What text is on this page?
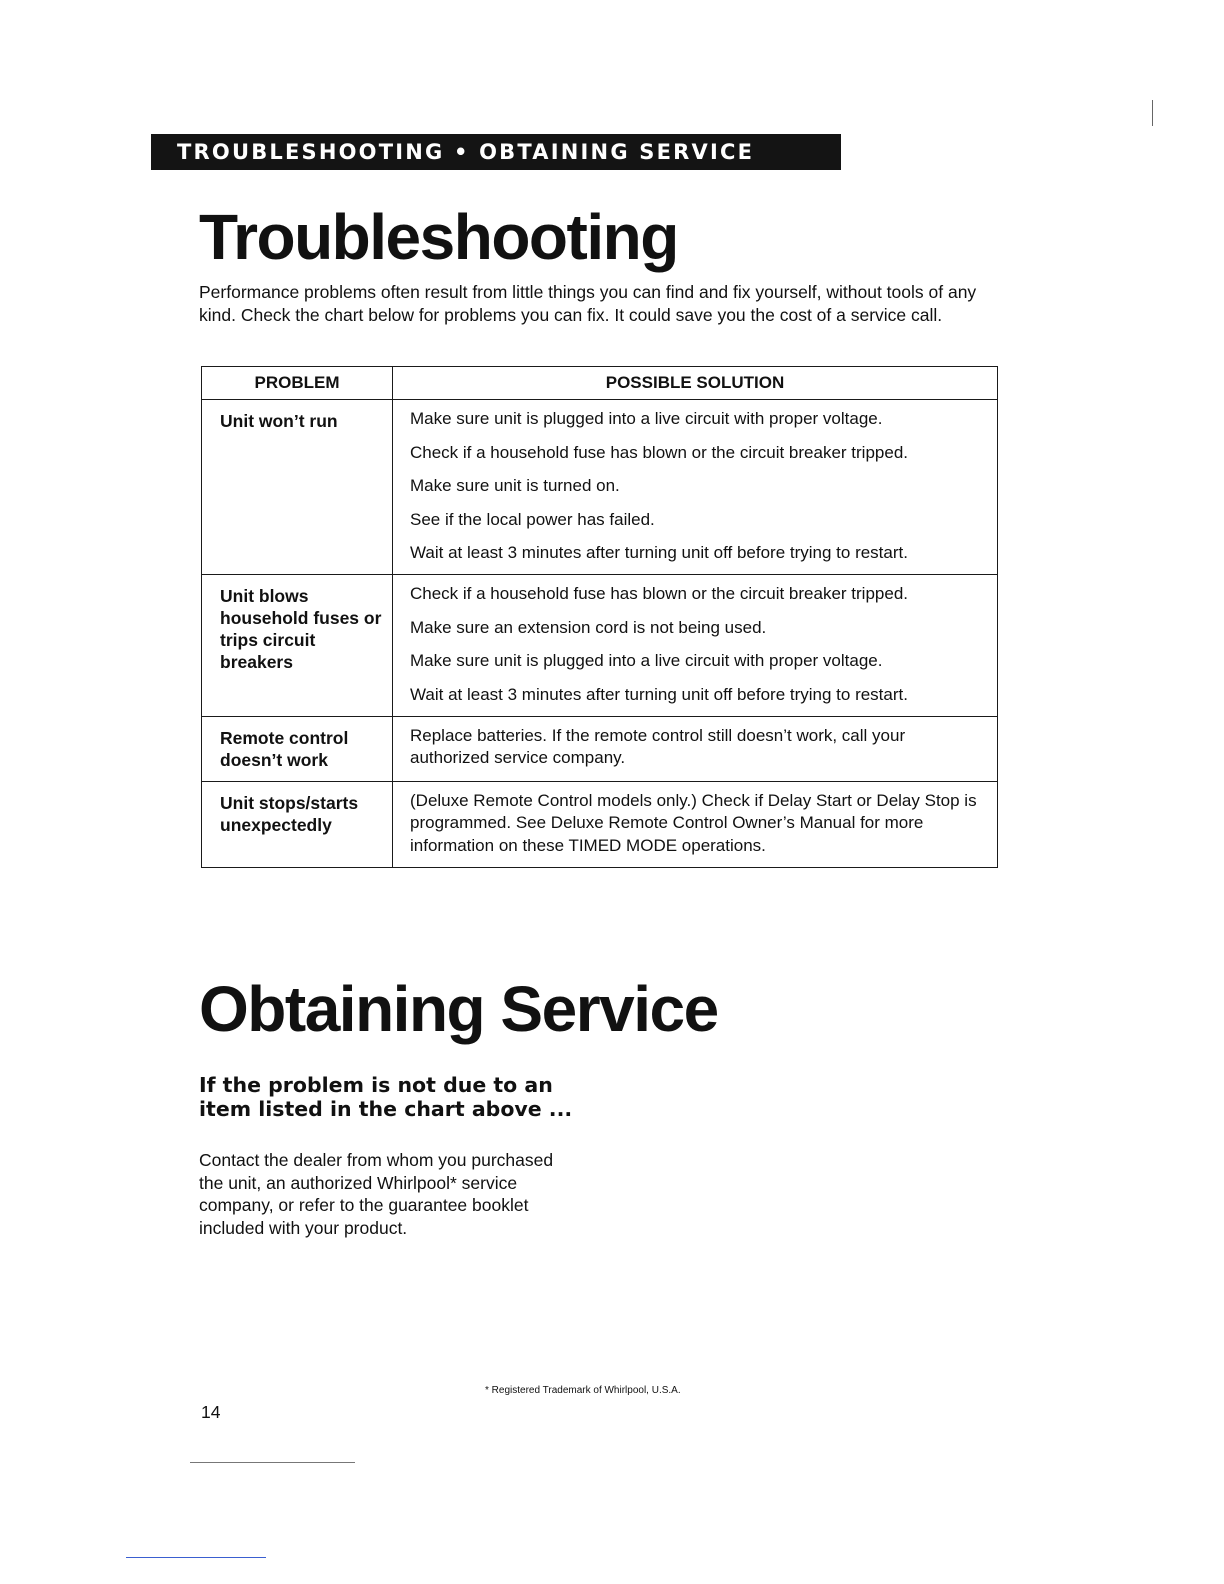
TROUBLESHOOTING • OBTAINING SERVICE
Troubleshooting

Performance problems often result from little things you can find and fix yourself, without tools of any kind. Check the chart below for problems you can fix. It could save you the cost of a service call.

PROBLEM	POSSIBLE SOLUTION
Unit won’t run	Make sure unit is plugged into a live circuit with proper voltage.
Check if a household fuse has blown or the circuit breaker tripped.
Make sure unit is turned on.
See if the local power has failed.
Wait at least 3 minutes after turning unit off before trying to restart.

Unit blows household fuses or trips circuit breakers	Check if a household fuse has blown or the circuit breaker tripped.
Make sure an extension cord is not being used.
Make sure unit is plugged into a live circuit with proper voltage.
Wait at least 3 minutes after turning unit off before trying to restart.

Remote control doesn’t work	Replace batteries. If the remote control still doesn’t work, call your authorized service company.

Unit stops/starts unexpectedly	(Deluxe Remote Control models only.) Check if Delay Start or Delay Stop is programmed. See Deluxe Remote Control Owner’s Manual for more information on these TIMED MODE operations.
Obtaining Service
If the problem is not due to an item listed in the chart above ...

Contact the dealer from whom you purchased the unit, an authorized Whirlpool* service company, or refer to the guarantee booklet included with your product.

* Registered Trademark of Whirlpool, U.S.A.
14
